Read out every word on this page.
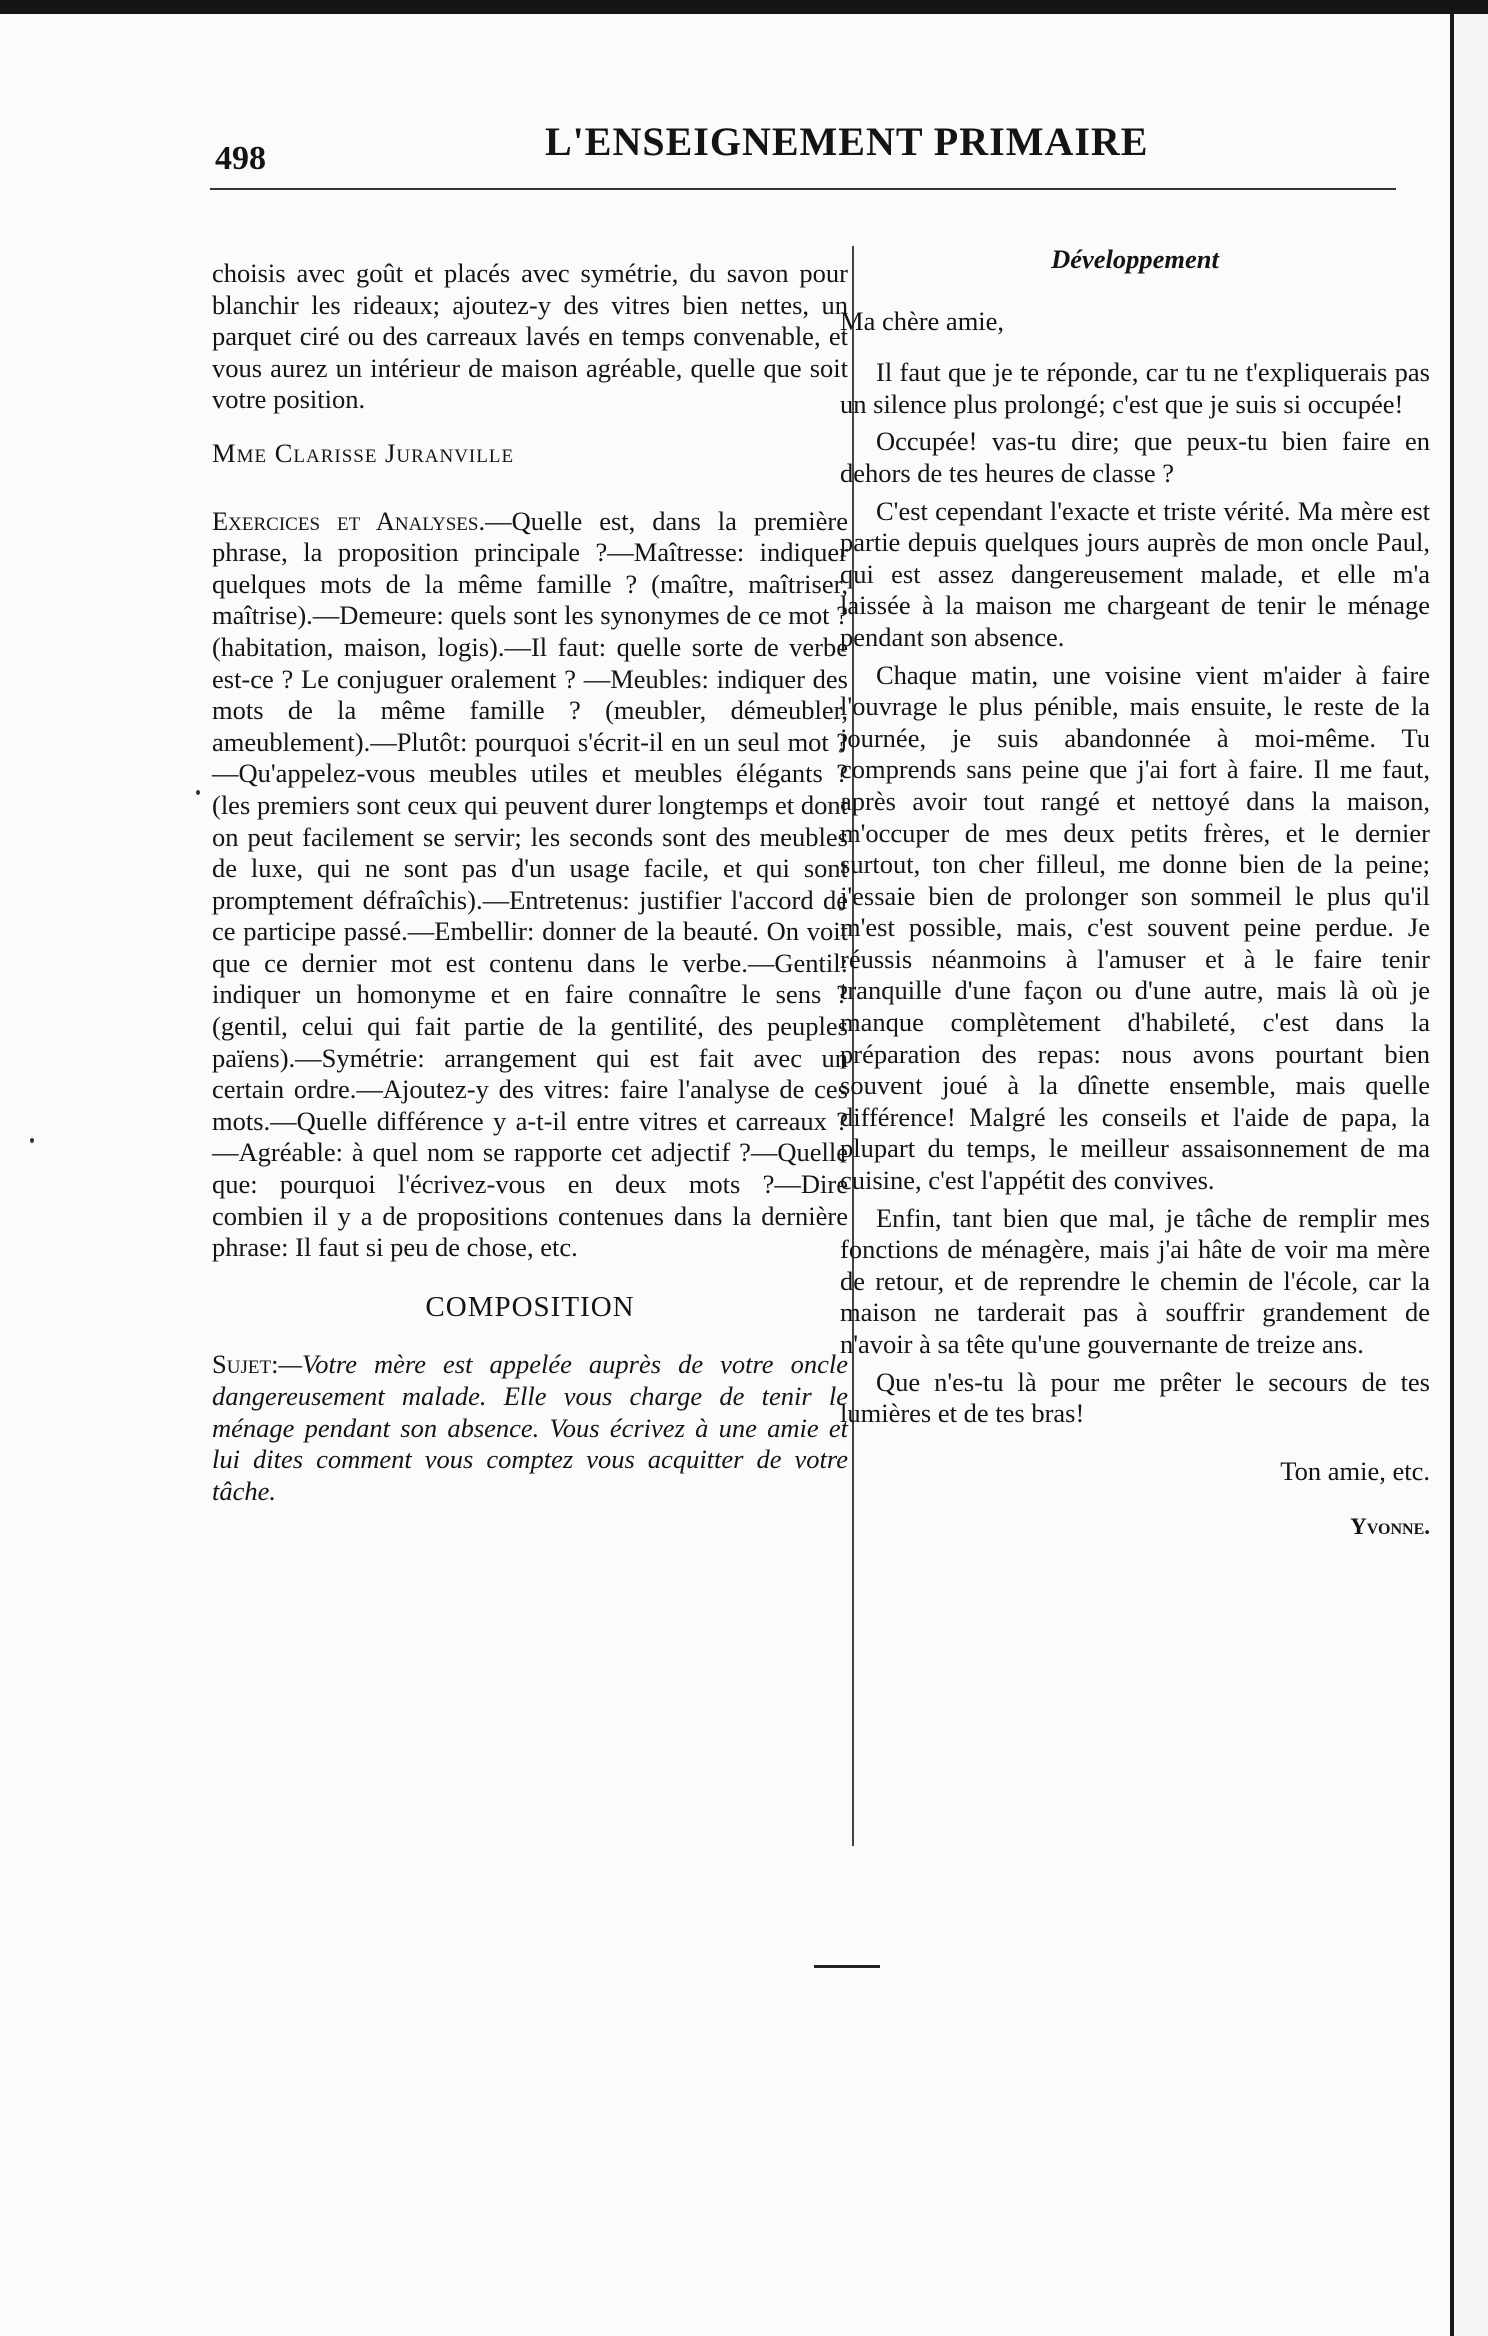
498	L'ENSEIGNEMENT PRIMAIRE

choisis avec goût et placés avec symétrie, du savon pour blanchir les rideaux; ajoutez-y des vitres bien nettes, un parquet ciré ou des carreaux lavés en temps convenable, et vous aurez un intérieur de maison agréable, quelle que soit votre position.

Mme Clarisse Juranville

Exercices et Analyses.—Quelle est, dans la première phrase, la proposition principale ?—Maîtresse: indiquer quelques mots de la même famille ? (maître, maîtriser, maîtrise).—Demeure: quels sont les synonymes de ce mot ? (habitation, maison, logis).—Il faut: quelle sorte de verbe est-ce ? Le conjuguer oralement ? —Meubles: indiquer des mots de la même famille ? (meubler, démeubler, ameublement).—Plutôt: pourquoi s'écrit-il en un seul mot ?—Qu'appelez-vous meubles utiles et meubles élégants ? (les premiers sont ceux qui peuvent durer longtemps et dont on peut facilement se servir; les seconds sont des meubles de luxe, qui ne sont pas d'un usage facile, et qui sont promptement défraîchis).—Entretenus: justifier l'accord de ce participe passé.—Embellir: donner de la beauté. On voit que ce dernier mot est contenu dans le verbe.—Gentil: indiquer un homonyme et en faire connaître le sens ? (gentil, celui qui fait partie de la gentilité, des peuples païens).—Symétrie: arrangement qui est fait avec un certain ordre.—Ajoutez-y des vitres: faire l'analyse de ces mots.—Quelle différence y a-t-il entre vitres et carreaux ?—Agréable: à quel nom se rapporte cet adjectif ?—Quelle que: pourquoi l'écrivez-vous en deux mots ?—Dire combien il y a de propositions contenues dans la dernière phrase: Il faut si peu de chose, etc.

COMPOSITION

Sujet:—Votre mère est appelée auprès de votre oncle dangereusement malade. Elle vous charge de tenir le ménage pendant son absence. Vous écrivez à une amie et lui dites comment vous comptez vous acquitter de votre tâche.

Développement

Ma chère amie,

Il faut que je te réponde, car tu ne t'expliquerais pas un silence plus prolongé; c'est que je suis si occupée!

Occupée! vas-tu dire; que peux-tu bien faire en dehors de tes heures de classe ?

C'est cependant l'exacte et triste vérité. Ma mère est partie depuis quelques jours auprès de mon oncle Paul, qui est assez dangereusement malade, et elle m'a laissée à la maison me chargeant de tenir le ménage pendant son absence.

Chaque matin, une voisine vient m'aider à faire l'ouvrage le plus pénible, mais ensuite, le reste de la journée, je suis abandonnée à moi-même. Tu comprends sans peine que j'ai fort à faire. Il me faut, après avoir tout rangé et nettoyé dans la maison, m'occuper de mes deux petits frères, et le dernier surtout, ton cher filleul, me donne bien de la peine; j'essaie bien de prolonger son sommeil le plus qu'il m'est possible, mais, c'est souvent peine perdue. Je réussis néanmoins à l'amuser et à le faire tenir tranquille d'une façon ou d'une autre, mais là où je manque complètement d'habileté, c'est dans la préparation des repas: nous avons pourtant bien souvent joué à la dînette ensemble, mais quelle différence! Malgré les conseils et l'aide de papa, la plupart du temps, le meilleur assaisonnement de ma cuisine, c'est l'appétit des convives.

Enfin, tant bien que mal, je tâche de remplir mes fonctions de ménagère, mais j'ai hâte de voir ma mère de retour, et de reprendre le chemin de l'école, car la maison ne tarderait pas à souffrir grandement de n'avoir à sa tête qu'une gouvernante de treize ans.

Que n'es-tu là pour me prêter le secours de tes lumières et de tes bras!

Ton amie, etc.

Yvonne.
